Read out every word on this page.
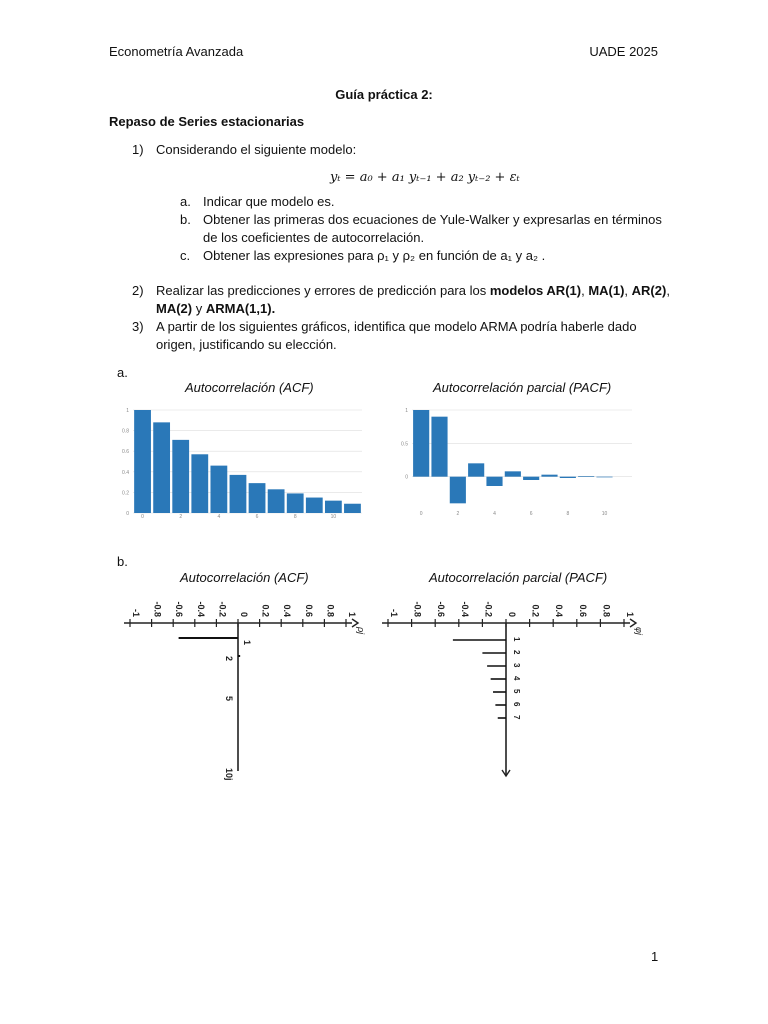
Econometría Avanzada	UADE 2025
Guía práctica 2:
Repaso de Series estacionarias
1) Considerando el siguiente modelo:
yₜ = a₀ + a₁ yₜ₋₁ + a₂ yₜ₋₂ + εₜ
a. Indicar que modelo es.
b. Obtener las primeras dos ecuaciones de Yule-Walker y expresarlas en términos
de los coeficientes de autocorrelación.
c. Obtener las expresiones para ρ₁ y ρ₂ en función de a₁ y a₂ .
2) Realizar las predicciones y errores de predicción para los modelos AR(1), MA(1), AR(2),
MA(2) y ARMA(1,1).
3) A partir de los siguientes gráficos, identifica que modelo ARMA podría haberle dado
origen, justificando su elección.
a.
Autocorrelación (ACF)	Autocorrelación parcial (PACF)
0
0.2
0.4
0.6
0.8
1
0	2	4	6	8	10
0
0.5
1
0	2	4	6	8	10
b.
Autocorrelación (ACF)	Autocorrelación parcial (PACF)
-1 -0.8 -0.6 -0.4 -0.2 0 0.2 0.4 0.6 0.8 1
ρj
1
2
5
10j
-1 -0.8 -0.6 -0.4 -0.2 0 0.2 0.4 0.6 0.8 1
φj
1
2
3
4
5
6
7
1
